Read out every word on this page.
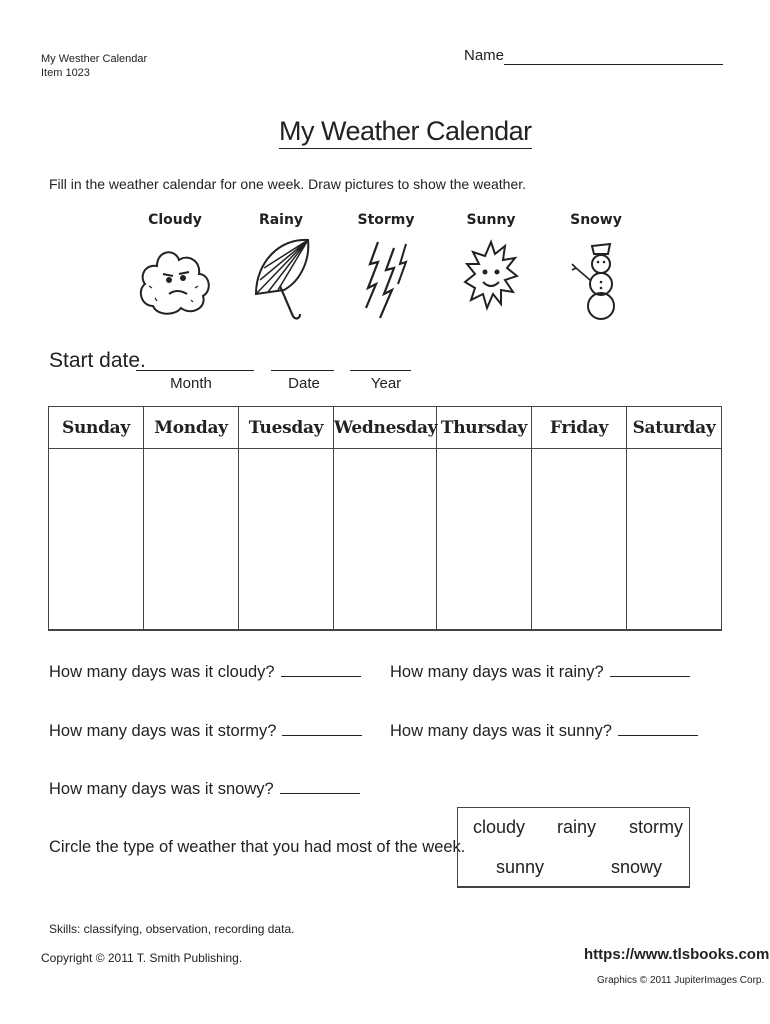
My Westher Calendar
Item 1023
Name
My Weather Calendar
Fill in the weather calendar for one week. Draw pictures to show the weather.
Cloudy	Rainy	Stormy	Sunny	Snowy
Start date.
Month	Date	Year
Sunday	Monday	Tuesday	Wednesday	Thursday	Friday	Saturday

How many days was it cloudy?	How many days was it rainy?
How many days was it stormy?	How many days was it sunny?
How many days was it snowy?
Circle the type of weather that you had most of the week.
cloudy rainy stormy
sunny	snowy
Skills: classifying, observation, recording data.
Copyright © 2011 T. Smith Publishing.	https://www.tlsbooks.com
Graphics © 2011 JupiterImages Corp.
